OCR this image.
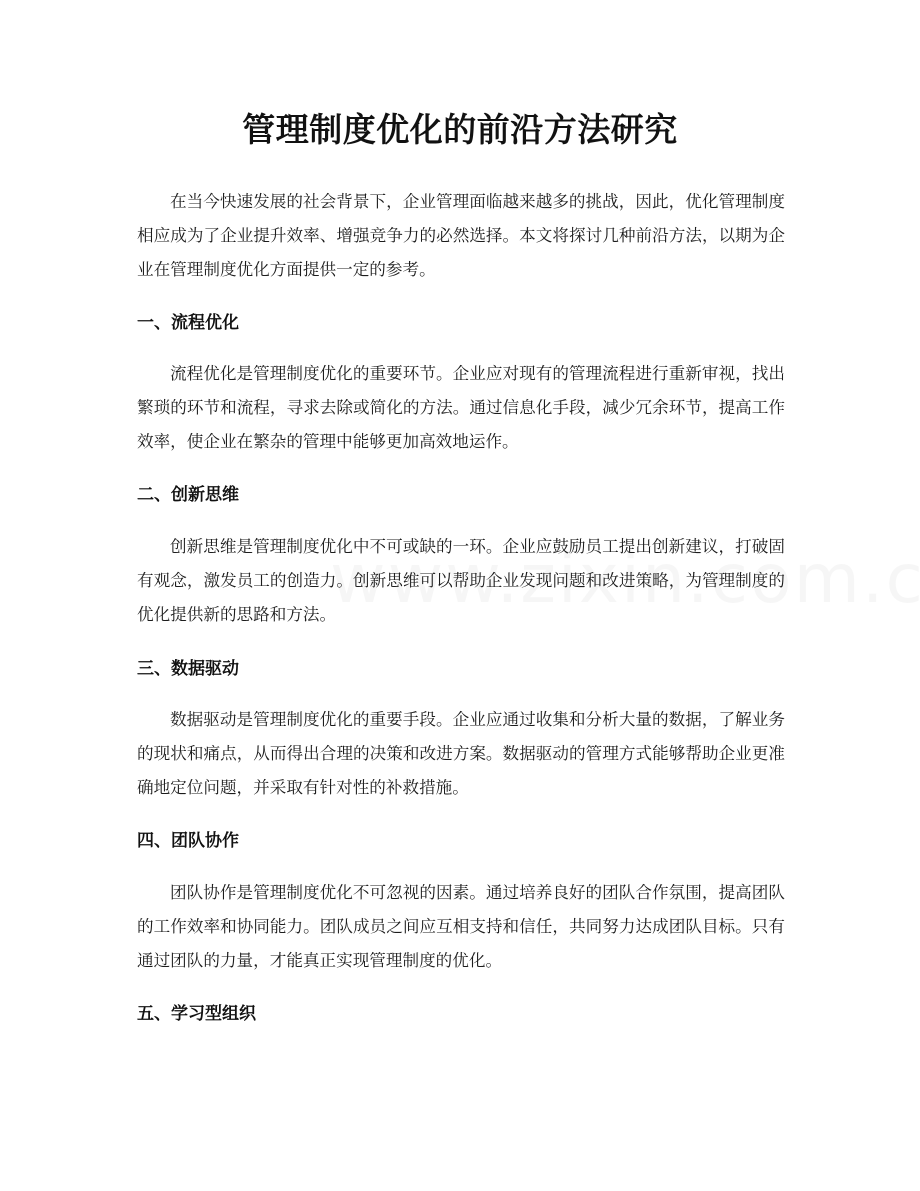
管理制度优化的前沿方法研究

在当今快速发展的社会背景下，企业管理面临越来越多的挑战，因此，优化管理制度相应成为了企业提升效率、增强竞争力的必然选择。本文将探讨几种前沿方法，以期为企业在管理制度优化方面提供一定的参考。

一、流程优化

流程优化是管理制度优化的重要环节。企业应对现有的管理流程进行重新审视，找出繁琐的环节和流程，寻求去除或简化的方法。通过信息化手段，减少冗余环节，提高工作效率，使企业在繁杂的管理中能够更加高效地运作。

二、创新思维

创新思维是管理制度优化中不可或缺的一环。企业应鼓励员工提出创新建议，打破固有观念，激发员工的创造力。创新思维可以帮助企业发现问题和改进策略，为管理制度的优化提供新的思路和方法。

三、数据驱动

数据驱动是管理制度优化的重要手段。企业应通过收集和分析大量的数据，了解业务的现状和痛点，从而得出合理的决策和改进方案。数据驱动的管理方式能够帮助企业更准确地定位问题，并采取有针对性的补救措施。

四、团队协作

团队协作是管理制度优化不可忽视的因素。通过培养良好的团队合作氛围，提高团队的工作效率和协同能力。团队成员之间应互相支持和信任，共同努力达成团队目标。只有通过团队的力量，才能真正实现管理制度的优化。

五、学习型组织
